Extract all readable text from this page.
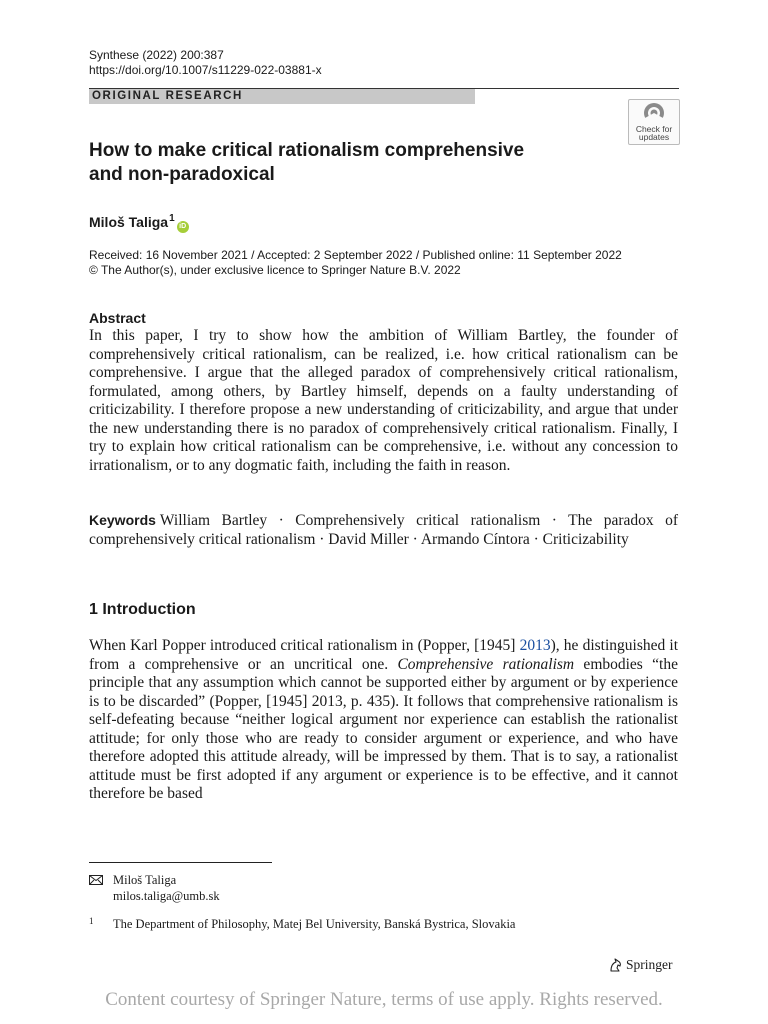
Synthese (2022) 200:387
https://doi.org/10.1007/s11229-022-03881-x
ORIGINAL RESEARCH
Check for
updates
How to make critical rationalism comprehensive
and non-paradoxical
Miloš Taliga$^1$iD
Received: 16 November 2021 / Accepted: 2 September 2022 / Published online: 11 September 2022
© The Author(s), under exclusive licence to Springer Nature B.V. 2022
Abstract
In this paper, I try to show how the ambition of William Bartley, the founder of comprehensively critical rationalism, can be realized, i.e. how critical rationalism can be comprehensive. I argue that the alleged paradox of comprehensively critical rationalism, formulated, among others, by Bartley himself, depends on a faulty understanding of criticizability. I therefore propose a new understanding of criticizability, and argue that under the new understanding there is no paradox of comprehensively critical rationalism. Finally, I try to explain how critical rationalism can be comprehensive, i.e. without any concession to irrationalism, or to any dogmatic faith, including the faith in reason.
Keywords William Bartley · Comprehensively critical rationalism · The paradox of comprehensively critical rationalism · David Miller · Armando Cíntora · Criticizability
1 Introduction
When Karl Popper introduced critical rationalism in (Popper, [1945] 2013), he distinguished it from a comprehensive or an uncritical one. Comprehensive rationalism embodies “the principle that any assumption which cannot be supported either by argument or by experience is to be discarded” (Popper, [1945] 2013, p. 435). It follows that comprehensive rationalism is self-defeating because “neither logical argument nor experience can establish the rationalist attitude; for only those who are ready to consider argument or experience, and who have therefore adopted this attitude already, will be impressed by them. That is to say, a rationalist attitude must be first adopted if any argument or experience is to be effective, and it cannot therefore be based
Miloš Taliga
milos.taliga@umb.sk
1 The Department of Philosophy, Matej Bel University, Banská Bystrica, Slovakia
Springer
Content courtesy of Springer Nature, terms of use apply. Rights reserved.
